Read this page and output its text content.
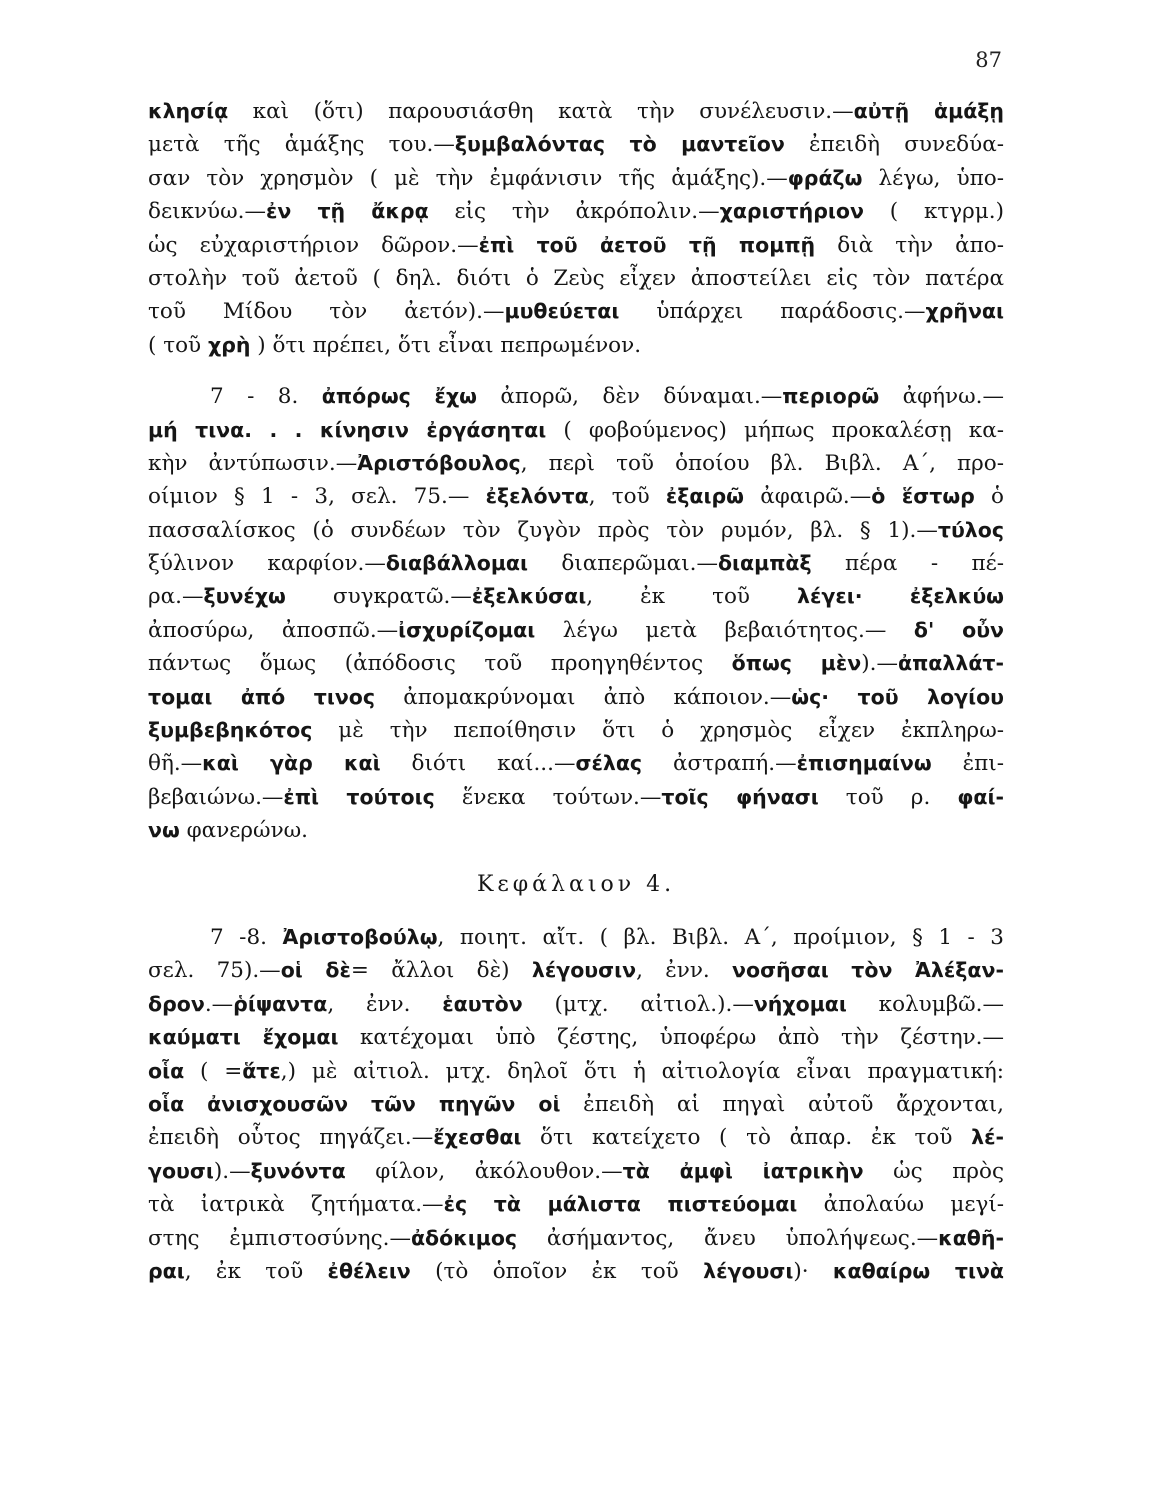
87
κλησίᾳ καὶ (ὅτι) παρουσιάσθη κατὰ τὴν συνέλευσιν.—αὐτῇ ἁμάξῃ
μετὰ τῆς ἁμάξης του.—ξυμβαλόντας τὸ μαντεῖον ἐπειδὴ συνεδύα-
σαν τὸν χρησμὸν ( μὲ τὴν ἐμφάνισιν τῆς ἁμάξης).—φράζω λέγω, ὑπο-
δεικνύω.—ἐν τῇ ἄκρᾳ εἰς τὴν ἀκρόπολιν.—χαριστήριον ( κτγρμ.)
ὡς εὐχαριστήριον δῶρον.—ἐπὶ τοῦ ἀετοῦ τῇ πομπῇ διὰ τὴν ἀπο-
στολὴν τοῦ ἀετοῦ ( δηλ. διότι ὁ Ζεὺς εἶχεν ἀποστείλει εἰς τὸν πατέρα
τοῦ Μίδου τὸν ἀετόν).—μυθεύεται ὑπάρχει παράδοσις.—χρῆναι
( τοῦ χρὴ ) ὅτι πρέπει, ὅτι εἶναι πεπρωμένον.
7 - 8. ἀπόρως ἔχω ἀπορῶ, δὲν δύναμαι.—περιορῶ ἀφήνω.—
μή τινα. . . κίνησιν ἐργάσηται ( φοβούμενος) μήπως προκαλέσῃ κα-
κὴν ἀντύπωσιν.—Ἀριστόβουλος, περὶ τοῦ ὁποίου βλ. Βιβλ. Α΄, προ-
οίμιον § 1 - 3, σελ. 75.— ἐξελόντα, τοῦ ἐξαιρῶ ἀφαιρῶ.—ὁ ἕστωρ ὁ
πασσαλίσκος (ὁ συνδέων τὸν ζυγὸν πρὸς τὸν ρυμόν, βλ. § 1).—τύλος
ξύλινον καρφίον.—διαβάλλομαι διαπερῶμαι.—διαμπὰξ πέρα - πέ-
ρα.—ξυνέχω συγκρατῶ.—ἐξελκύσαι, ἐκ τοῦ λέγει· ἐξελκύω
ἀποσύρω, ἀποσπῶ.—ἰσχυρίζομαι λέγω μετὰ βεβαιότητος.— δ' οὖν
πάντως ὅμως (ἀπόδοσις τοῦ προηγηθέντος ὅπως μὲν).—ἀπαλλάτ-
τομαι ἀπό τινος ἀπομακρύνομαι ἀπὸ κάποιον.—ὡς· τοῦ λογίου
ξυμβεβηκότος μὲ τὴν πεποίθησιν ὅτι ὁ χρησμὸς εἶχεν ἐκπληρω-
θῆ.—καὶ γὰρ καὶ διότι καί...—σέλας ἀστραπή.—ἐπισημαίνω ἐπι-
βεβαιώνω.—ἐπὶ τούτοις ἕνεκα τούτων.—τοῖς φήνασι τοῦ ρ. φαί-
νω φανερώνω.
Κεφάλαιον 4.
7 -8. Ἀριστοβούλῳ, ποιητ. αἴτ. ( βλ. Βιβλ. Α΄, προίμιον, § 1 - 3
σελ. 75).—οἱ δὲ= ἄλλοι δὲ) λέγουσιν, ἐνν. νοσῆσαι τὸν Ἀλέξαν-
δρον.—ῥίψαντα, ἐνν. ἑαυτὸν (μτχ. αἰτιολ.).—νήχομαι κολυμβῶ.—
καύματι ἔχομαι κατέχομαι ὑπὸ ζέστης, ὑποφέρω ἀπὸ τὴν ζέστην.—
οἷα ( =ἅτε,) μὲ αἰτιολ. μτχ. δηλοῖ ὅτι ἡ αἰτιολογία εἶναι πραγματική:
οἷα ἀνισχουσῶν τῶν πηγῶν οἱ ἐπειδὴ αἱ πηγαὶ αὐτοῦ ἄρχονται,
ἐπειδὴ οὗτος πηγάζει.—ἔχεσθαι ὅτι κατείχετο ( τὸ ἀπαρ. ἐκ τοῦ λέ-
γουσι).—ξυνόντα φίλον, ἀκόλουθον.—τὰ ἀμφὶ ἰατρικὴν ὡς πρὸς
τὰ ἰατρικὰ ζητήματα.—ἐς τὰ μάλιστα πιστεύομαι ἀπολαύω μεγί-
στης ἐμπιστοσύνης.—ἀδόκιμος ἀσήμαντος, ἄνευ ὑπολήψεως.—καθῆ-
ραι, ἐκ τοῦ ἐθέλειν (τὸ ὁποῖον ἐκ τοῦ λέγουσι)· καθαίρω τινὰ
